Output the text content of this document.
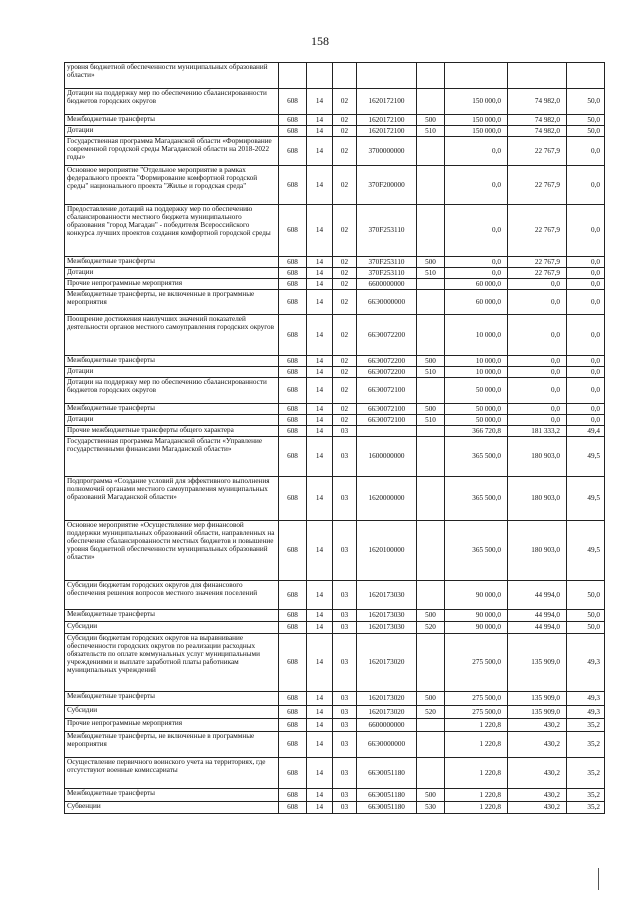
158
уровня бюджетной обеспеченности муниципальных образований области»								
Дотации на поддержку мер по обеспечению сбалансированности бюджетов городских округов	608	14	02	1620172100		150 000,0	74 982,0	50,0
Межбюджетные трансферты	608	14	02	1620172100	500	150 000,0	74 982,0	50,0
Дотации	608	14	02	1620172100	510	150 000,0	74 982,0	50,0
Государственная программа Магаданской области «Формирование современной городской среды Магаданской области на 2018-2022 годы»	608	14	02	3700000000		0,0	22 767,9	0,0
Основное мероприятие "Отдельное мероприятие в рамках федерального проекта "Формирование комфортной городской среды" национального проекта "Жилье и городская среда"	608	14	02	370F200000		0,0	22 767,9	0,0
Предоставление дотаций на поддержку мер по обеспечению сбалансированности местного бюджета муниципального образования "город Магадан" - победителя Всероссийского конкурса лучших проектов создания комфортной городской среды	608	14	02	370F253110		0,0	22 767,9	0,0
Межбюджетные трансферты	608	14	02	370F253110	500	0,0	22 767,9	0,0
Дотации	608	14	02	370F253110	510	0,0	22 767,9	0,0
Прочие непрограммные мероприятия	608	14	02	6600000000		60 000,0	0,0	0,0
Межбюджетные трансферты, не включенные в программные мероприятия	608	14	02	66Э0000000		60 000,0	0,0	0,0
Поощрение достижения наилучших значений показателей деятельности органов местного самоуправления городских округов	608	14	02	66Э0072200		10 000,0	0,0	0,0
Межбюджетные трансферты	608	14	02	66Э0072200	500	10 000,0	0,0	0,0
Дотации	608	14	02	66Э0072200	510	10 000,0	0,0	0,0
Дотации на поддержку мер по обеспечению сбалансированности бюджетов городских округов	608	14	02	66Э0072100		50 000,0	0,0	0,0
Межбюджетные трансферты	608	14	02	66Э0072100	500	50 000,0	0,0	0,0
Дотации	608	14	02	66Э0072100	510	50 000,0	0,0	0,0
Прочие межбюджетные трансферты общего характера	608	14	03			366 720,8	181 333,2	49,4
Государственная программа Магаданской области «Управление государственными финансами Магаданской области»	608	14	03	1600000000		365 500,0	180 903,0	49,5
Подпрограмма «Создание условий для эффективного выполнения полномочий органами местного самоуправления муниципальных образований Магаданской области»	608	14	03	1620000000		365 500,0	180 903,0	49,5
Основное мероприятие «Осуществление мер финансовой поддержки муниципальных образований области, направленных на обеспечение сбалансированности местных бюджетов и повышение уровня бюджетной обеспеченности муниципальных образований области»	608	14	03	1620100000		365 500,0	180 903,0	49,5
Субсидии бюджетам городских округов для финансового обеспечения решения вопросов местного значения поселений	608	14	03	1620173030		90 000,0	44 994,0	50,0
Межбюджетные трансферты	608	14	03	1620173030	500	90 000,0	44 994,0	50,0
Субсидии	608	14	03	1620173030	520	90 000,0	44 994,0	50,0
Субсидии бюджетам городских округов на выравнивание обеспеченности городских округов по реализации расходных обязательств по оплате коммунальных услуг муниципальными учреждениями и выплате заработной платы работникам муниципальных учреждений	608	14	03	1620173020		275 500,0	135 909,0	49,3
Межбюджетные трансферты	608	14	03	1620173020	500	275 500,0	135 909,0	49,3
Субсидии	608	14	03	1620173020	520	275 500,0	135 909,0	49,3
Прочие непрограммные мероприятия	608	14	03	6600000000		1 220,8	430,2	35,2
Межбюджетные трансферты, не включенные в программные мероприятия	608	14	03	66Э0000000		1 220,8	430,2	35,2
Осуществление первичного воинского учета на территориях, где отсутствуют военные комиссариаты	608	14	03	66Э0051180		1 220,8	430,2	35,2
Межбюджетные трансферты	608	14	03	66Э0051180	500	1 220,8	430,2	35,2
Субвенции	608	14	03	66Э0051180	530	1 220,8	430,2	35,2
